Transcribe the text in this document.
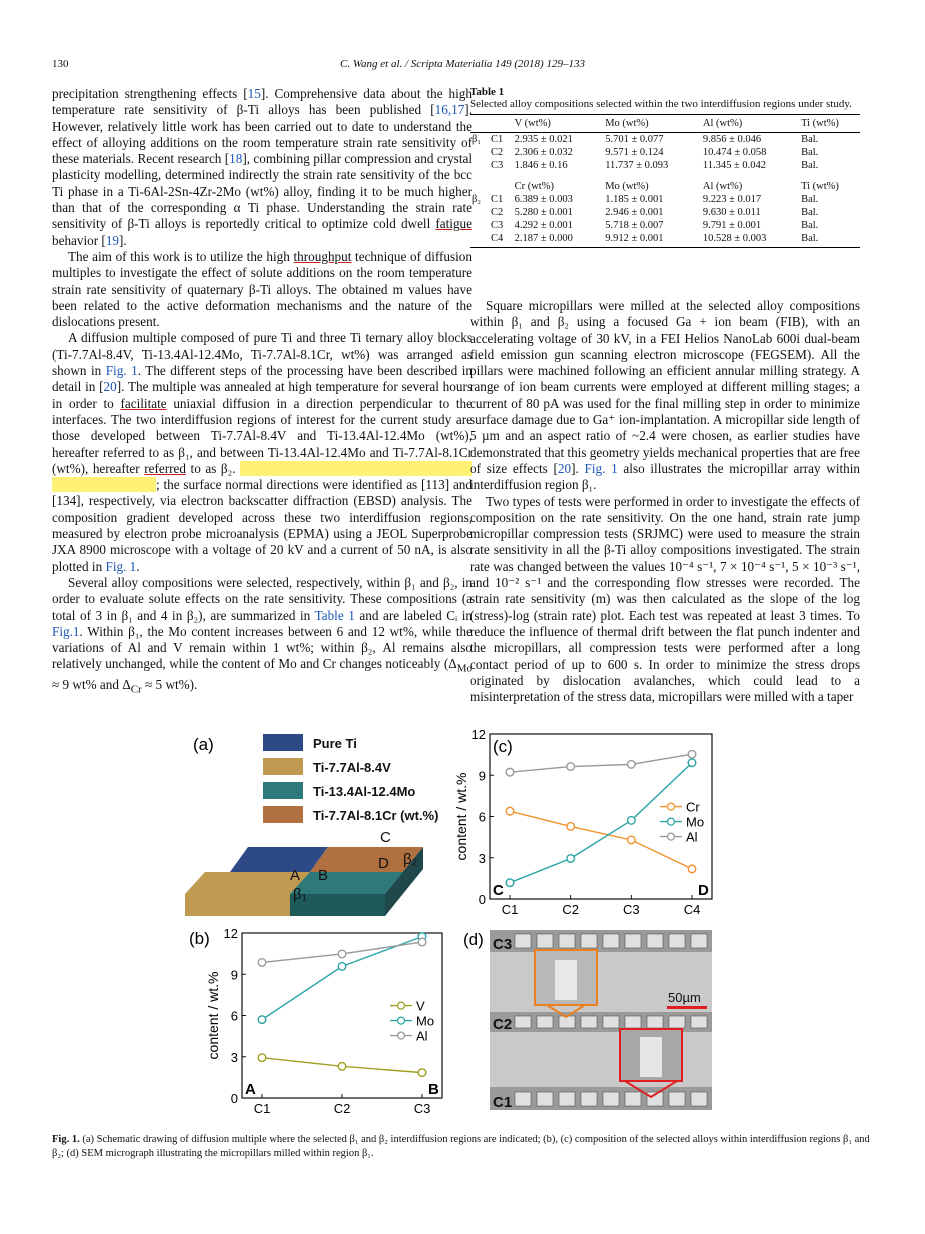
130	C. Wang et al. / Scripta Materialia 149 (2018) 129–133

precipitation strengthening effects [15]. Comprehensive data about the high temperature rate sensitivity of β-Ti alloys has been published [16,17]. However, relatively little work has been carried out to date to understand the effect of alloying additions on the room temperature strain rate sensitivity of these materials. Recent research [18], combining pillar compression and crystal plasticity modelling, determined indirectly the strain rate sensitivity of the bcc Ti phase in a Ti-6Al-2Sn-4Zr-2Mo (wt%) alloy, finding it to be much higher than that of the corresponding α Ti phase. Understanding the strain rate sensitivity of β-Ti alloys is reportedly critical to optimize cold dwell fatigue behavior [19].

The aim of this work is to utilize the high throughput technique of diffusion multiples to investigate the effect of solute additions on the room temperature strain rate sensitivity of quaternary β-Ti alloys. The obtained m values have been related to the active deformation mechanisms and the nature of the dislocations present.

A diffusion multiple composed of pure Ti and three Ti ternary alloy blocks (Ti-7.7Al-8.4V, Ti-13.4Al-12.4Mo, Ti-7.7Al-8.1Cr, wt%) was arranged as shown in Fig. 1. The different steps of the processing have been described in detail in [20]. The multiple was annealed at high temperature for several hours in order to facilitate uniaxial diffusion in a direction perpendicular to the interfaces. The two interdiffusion regions of interest for the current study are those developed between Ti-7.7Al-8.4V and Ti-13.4Al-12.4Mo (wt%), hereafter referred to as β₁, and between Ti-13.4Al-12.4Mo and Ti-7.7Al-8.1Cr (wt%), hereafter referred to as β₂. The crystallographic orientations of β₁ and β₂ were determined; the surface normal directions were identified as [113] and [134], respectively, via electron backscatter diffraction (EBSD) analysis. The composition gradient developed across these two interdiffusion regions, measured by electron probe microanalysis (EPMA) using a JEOL Superprobe JXA 8900 microscope with a voltage of 20 kV and a current of 50 nA, is also plotted in Fig. 1.

Several alloy compositions were selected, respectively, within β₁ and β₂, in order to evaluate solute effects on the rate sensitivity. These compositions (a total of 3 in β₁ and 4 in β₂), are summarized in Table 1 and are labeled Cᵢ in Fig.1. Within β₁, the Mo content increases between 6 and 12 wt%, while the variations of Al and V remain within 1 wt%; within β₂, Al remains also relatively unchanged, while the content of Mo and Cr changes noticeably ($\Delta_{Mo} \approx 9$ wt% and $\Delta_{Cr} \approx 5$ wt%).

Table 1
Selected alloy compositions selected within the two interdiffusion regions under study.
		V (wt%)	Mo (wt%)	Al (wt%)	Ti (wt%)
β₁	C1	2.935 ± 0.021	5.701 ± 0.077	9.856 ± 0.046	Bal.
	C2	2.306 ± 0.032	9.571 ± 0.124	10.474 ± 0.058	Bal.
	C3	1.846 ± 0.16	11.737 ± 0.093	11.345 ± 0.042	Bal.

		Cr (wt%)	Mo (wt%)	Al (wt%)	Ti (wt%)
β₂	C1	6.389 ± 0.003	1.185 ± 0.001	9.223 ± 0.017	Bal.
	C2	5.280 ± 0.001	2.946 ± 0.001	9.630 ± 0.011	Bal.
	C3	4.292 ± 0.001	5.718 ± 0.007	9.791 ± 0.001	Bal.
	C4	2.187 ± 0.000	9.912 ± 0.001	10.528 ± 0.003	Bal.

Square micropillars were milled at the selected alloy compositions within β₁ and β₂ using a focused Ga + ion beam (FIB), with an accelerating voltage of 30 kV, in a FEI Helios NanoLab 600i dual-beam field emission gun scanning electron microscope (FEGSEM). All the pillars were machined following an efficient annular milling strategy. A range of ion beam currents were employed at different milling stages; a current of 80 pA was used for the final milling step in order to minimize surface damage due to Ga⁺ ion-implantation. A micropillar side length of 5 µm and an aspect ratio of ~2.4 were chosen, as earlier studies have demonstrated that this geometry yields mechanical properties that are free of size effects [20]. Fig. 1 also illustrates the micropillar array within interdiffusion region β₁.

Two types of tests were performed in order to investigate the effects of composition on the rate sensitivity. On the one hand, strain rate jump micropillar compression tests (SRJMC) were used to measure the strain rate sensitivity in all the β-Ti alloy compositions investigated. The strain rate was changed between the values 10⁻⁴ s⁻¹, 7 × 10⁻⁴ s⁻¹, 5 × 10⁻³ s⁻¹, and 10⁻² s⁻¹ and the corresponding flow stresses were recorded. The strain rate sensitivity (m) was then calculated as the slope of the log (stress)-log (strain rate) plot. Each test was repeated at least 3 times. To reduce the influence of thermal drift between the flat punch indenter and the micropillars, all compression tests were performed after a long contact period of up to 600 s. In order to minimize the stress drops originated by dislocation avalanches, which could lead to a misinterpretation of the stress data, micropillars were milled with a taper

(a)	Pure Ti
Ti-7.7Al-8.4V
Ti-13.4Al-12.4Mo
Ti-7.7Al-8.1Cr (wt.%)
A B
C
D
β₁
β₂
(c)
0
3
6
9
12
C1	C2	C3	C4
content / wt.%
C	D
Cr
Mo
Al
(b)
0
3
6
9
12
C1	C2	C3
content / wt.%
A	B
V
Mo
Al
(d) C3
C2
C1
50µm
Fig. 1. (a) Schematic drawing of diffusion multiple where the selected β₁ and β₂ interdiffusion regions are indicated; (b), (c) composition of the selected alloys within interdiffusion regions β₁ and β₂; (d) SEM micrograph illustrating the micropillars milled within region β₁.
